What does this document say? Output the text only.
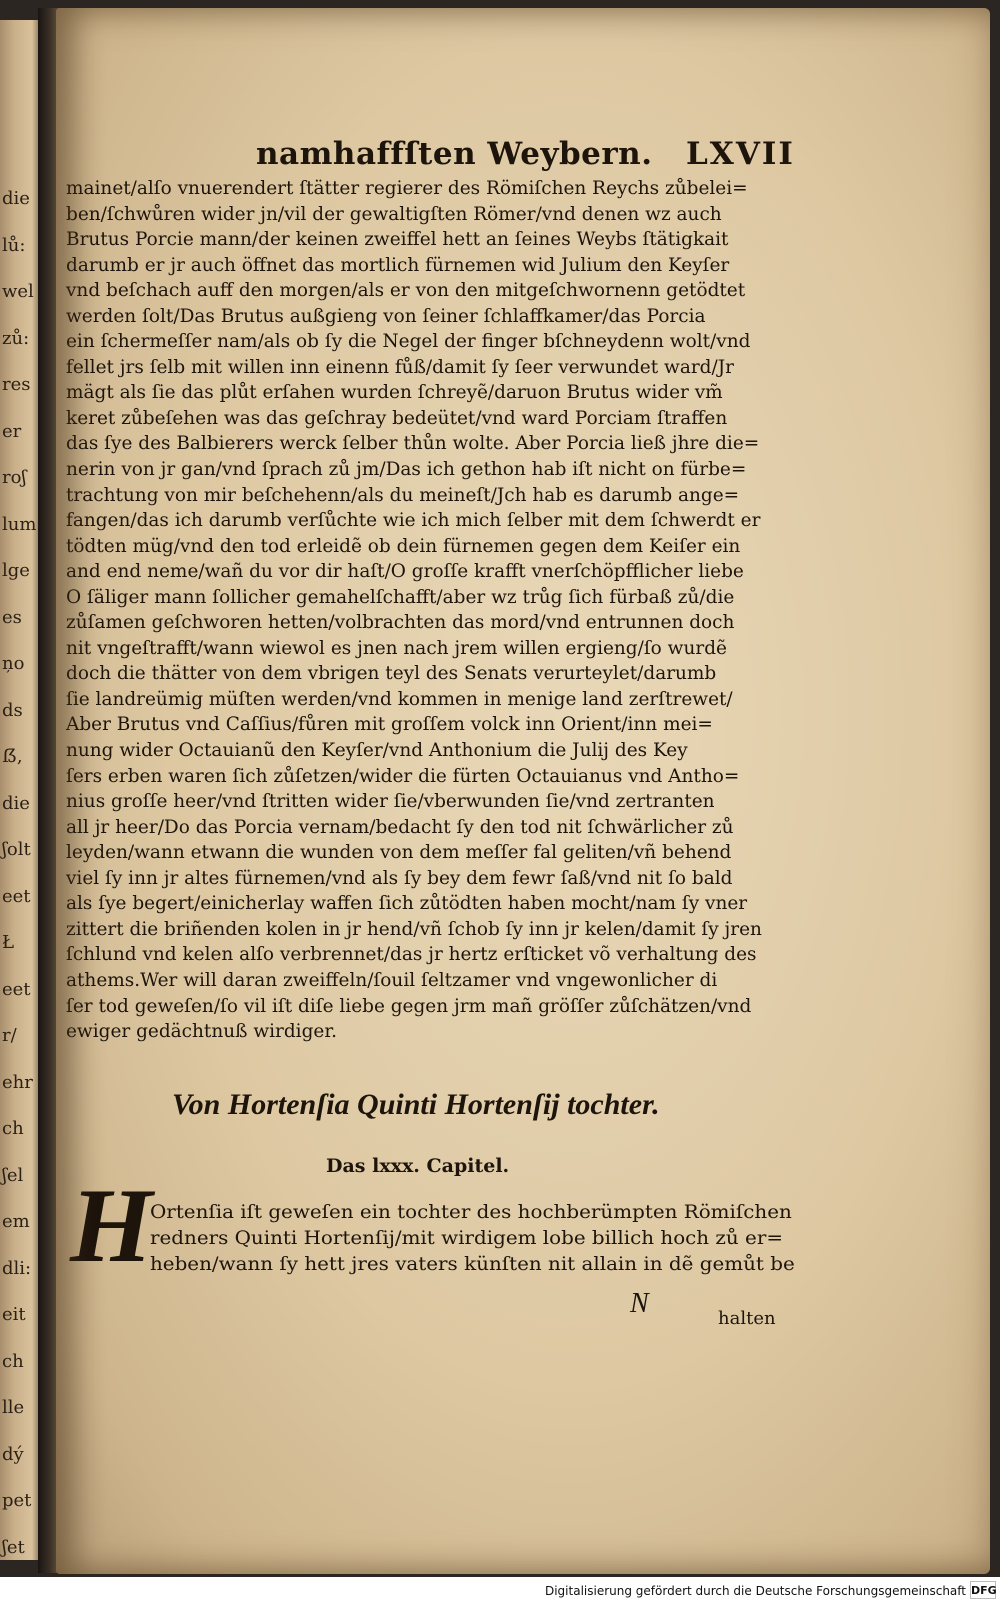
die
lů:
wel
zů:
res
er
roʃ
lum
lge
es
ņo
ds
ẞ,
die
ʃolt
eet
Ł
eet
r/
ehr
ch
ʃel
em
dli:
eit
ch
lle
dý
pet
ʃet
namhaffſten Weybern. LXVII
mainet/alſo vnuerendert ſtätter regierer des Römiſchen Reychs zůbelei=
ben/ſchwůren wider jn/vil der gewaltigſten Römer/vnd denen wz auch
Brutus Porcie mann/der keinen zweiffel hett an ſeines Weybs ſtätigkait
darumb er jr auch öffnet das mortlich fürnemen wid Julium den Keyſer
vnd beſchach auff den morgen/als er von den mitgeſchwornenn getödtet
werden ſolt/Das Brutus außgieng von ſeiner ſchlaffkamer/das Porcia
ein ſchermeſſer nam/als ob ſy die Negel der finger bſchneydenn wolt/vnd
fellet jrs ſelb mit willen inn einenn fůß/damit ſy ſeer verwundet ward/Jr
mägt als ſie das plůt erſahen wurden ſchreyẽ/daruon Brutus wider vm̃
keret zůbeſehen was das geſchray bedeütet/vnd ward Porciam ſtraffen
das ſye des Balbierers werck ſelber thůn wolte. Aber Porcia ließ jhre die=
nerin von jr gan/vnd ſprach zů jm/Das ich gethon hab iſt nicht on fürbe=
trachtung von mir beſchehenn/als du meineſt/Jch hab es darumb ange=
fangen/das ich darumb verſůchte wie ich mich ſelber mit dem ſchwerdt er
tödten müg/vnd den tod erleidẽ ob dein fürnemen gegen dem Keiſer ein
and end neme/wañ du vor dir haſt/O groſſe krafft vnerſchöpfflicher liebe
O ſäliger mann ſollicher gemahelſchafft/aber wz trůg ſich fürbaß zů/die
zůſamen geſchworen hetten/volbrachten das mord/vnd entrunnen doch
nit vngeſtrafft/wann wiewol es jnen nach jrem willen ergieng/ſo wurdẽ
doch die thätter von dem vbrigen teyl des Senats verurteylet/darumb
ſie landreümig müſten werden/vnd kommen in menige land zerſtrewet/
Aber Brutus vnd Caſſius/fůren mit groſſem volck inn Orient/inn mei=
nung wider Octauianũ den Keyſer/vnd Anthonium die Julij des Key
ſers erben waren ſich zůſetzen/wider die fürten Octauianus vnd Antho=
nius groſſe heer/vnd ſtritten wider ſie/vberwunden ſie/vnd zertranten
all jr heer/Do das Porcia vernam/bedacht ſy den tod nit ſchwärlicher zů
leyden/wann etwann die wunden von dem meſſer fal geliten/vñ behend
viel ſy inn jr altes fürnemen/vnd als ſy bey dem fewr ſaß/vnd nit ſo bald
als ſye begert/einicherlay waffen ſich zůtödten haben mocht/nam ſy vner
zittert die briñenden kolen in jr hend/vñ ſchob ſy inn jr kelen/damit ſy jren
ſchlund vnd kelen alſo verbrennet/das jr hertz erſticket võ verhaltung des
athems.Wer will daran zweiffeln/ſouil ſeltzamer vnd vngewonlicher di
ſer tod geweſen/ſo vil iſt diſe liebe gegen jrm mañ gröſſer zůſchätzen/vnd
ewiger gedächtnuß wirdiger.
Von Hortenſia Quinti Hortenſij tochter.
Das lxxx. Capitel.
H
Ortenſia iſt geweſen ein tochter des hochberümpten Römiſchen
redners Quinti Hortenſij/mit wirdigem lobe billich hoch zů er=
heben/wann ſy hett jres vaters künſten nit allain in dẽ gemůt be
N	halten
Digitalisierung gefördert durch die Deutsche Forschungsgemeinschaft DFG
